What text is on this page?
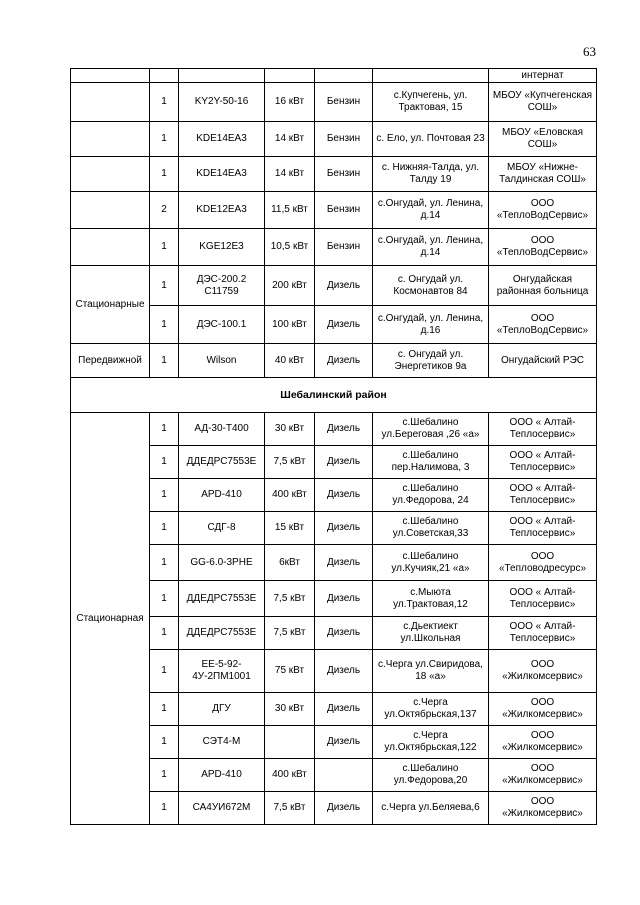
63
						интернат
	1	KY2Y-50-16	16 кВт	Бензин	с.Купчегень, ул. Трактовая, 15	МБОУ «Купчегенская СОШ»
	1	KDE14EA3	14 кВт	Бензин	с. Ело, ул. Почтовая 23	МБОУ «Еловская СОШ»
	1	KDE14EA3	14 кВт	Бензин	с. Нижняя-Талда, ул. Талду 19	МБОУ «Нижне-Талдинская СОШ»
	2	KDE12EA3	11,5 кВт	Бензин	с.Онгудай, ул. Ленина, д.14	ООО «ТеплоВодСервис»
	1	KGE12E3	10,5 кВт	Бензин	с.Онгудай, ул. Ленина, д.14	ООО «ТеплоВодСервис»
Стационарные	1	ДЭС-200.2 С11759	200 кВт	Дизель	с. Онгудай ул. Космонавтов 84	Онгудайская районная больница
	1	ДЭС-100.1	100 кВт	Дизель	с.Онгудай, ул. Ленина, д.16	ООО «ТеплоВодСервис»
Передвижной	1	Wilson	40 кВт	Дизель	с. Онгудай ул. Энергетиков 9а	Онгудайский РЭС
Шебалинский район						
Стационарная	1	АД-30-Т400	30 кВт	Дизель	с.Шебалино ул.Береговая ,26 «а»	ООО « Алтай-Теплосервис»
	1	ДДЕДРС7553Е	7,5 кВт	Дизель	с.Шебалино пер.Налимова, 3	ООО « Алтай-Теплосервис»
	1	АРD-410	400 кВт	Дизель	с.Шебалино ул.Федорова, 24	ООО « Алтай-Теплосервис»
	1	СДГ-8	15 кВт	Дизель	с.Шебалино ул.Советская,33	ООО « Алтай-Теплосервис»
	1	GG-6.0-3PHE	6кВт	Дизель	с.Шебалино ул.Кучияк,21 «а»	ООО «Тепловодресурс»
	1	ДДЕДРС7553Е	7,5 кВт	Дизель	с.Мыюта ул.Трактовая,12	ООО « Алтай-Теплосервис»
	1	ДДЕДРС7553Е	7,5 кВт	Дизель	с.Дьектиект ул.Школьная	ООО « Алтай-Теплосервис»
	1	ЕЕ-5-92-4У-2ПМ1001	75 кВт	Дизель	с.Черга ул.Свиридова, 18 «а»	ООО «Жилкомсервис»
	1	ДГУ	30 кВт	Дизель	с.Черга ул.Октябрьская,137	ООО «Жилкомсервис»
	1	СЭТ4-М		Дизель	с.Черга ул.Октябрьская,122	ООО «Жилкомсервис»
	1	АРD-410	400 кВт		с.Шебалино ул.Федорова,20	ООО «Жилкомсервис»
	1	СА4УИ672М	7,5 кВт	Дизель	с.Черга ул.Беляева,6	ООО «Жилкомсервис»
